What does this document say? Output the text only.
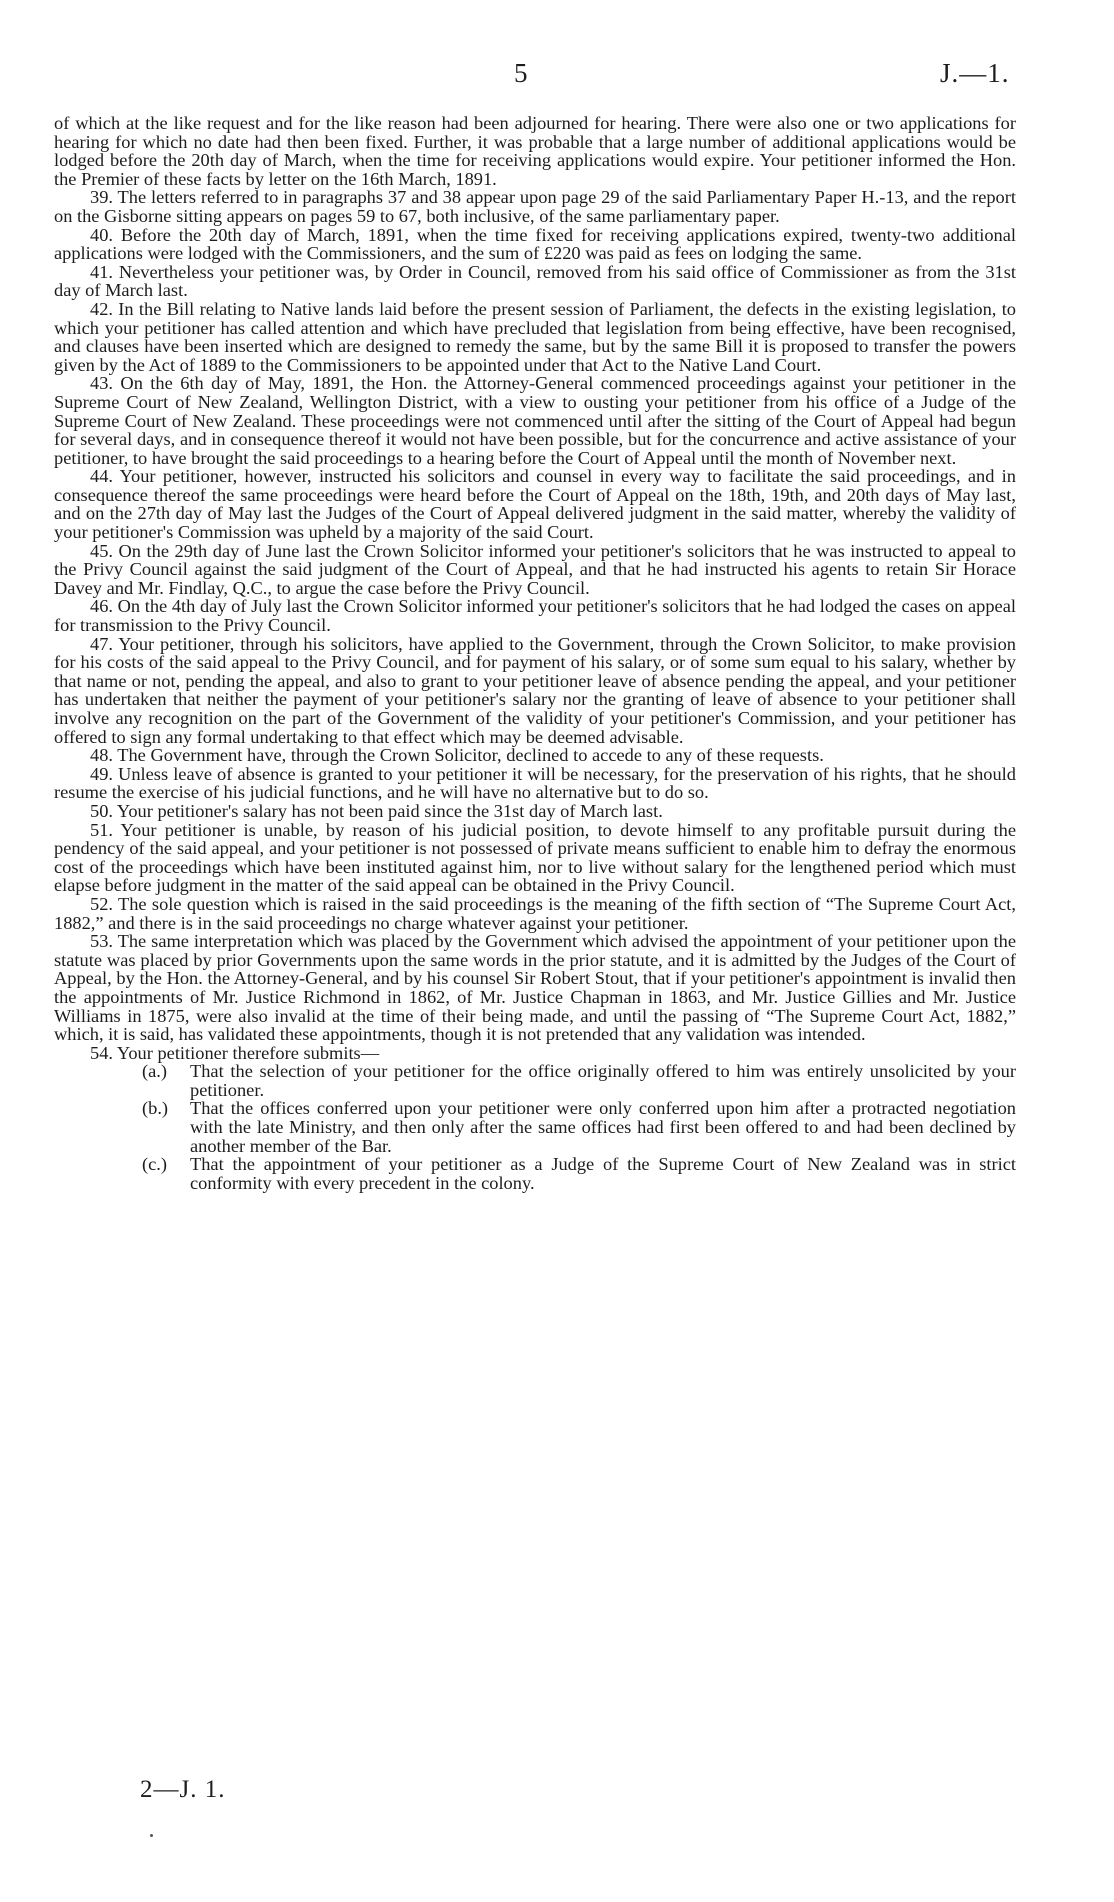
5	J.—1.

of which at the like request and for the like reason had been adjourned for hearing. There were also one or two applications for hearing for which no date had then been fixed. Further, it was probable that a large number of additional applications would be lodged before the 20th day of March, when the time for receiving applications would expire. Your petitioner informed the Hon. the Premier of these facts by letter on the 16th March, 1891.

39. The letters referred to in paragraphs 37 and 38 appear upon page 29 of the said Parliamentary Paper H.-13, and the report on the Gisborne sitting appears on pages 59 to 67, both inclusive, of the same parliamentary paper.

40. Before the 20th day of March, 1891, when the time fixed for receiving applications expired, twenty-two additional applications were lodged with the Commissioners, and the sum of £220 was paid as fees on lodging the same.

41. Nevertheless your petitioner was, by Order in Council, removed from his said office of Commissioner as from the 31st day of March last.

42. In the Bill relating to Native lands laid before the present session of Parliament, the defects in the existing legislation, to which your petitioner has called attention and which have precluded that legislation from being effective, have been recognised, and clauses have been inserted which are designed to remedy the same, but by the same Bill it is proposed to transfer the powers given by the Act of 1889 to the Commissioners to be appointed under that Act to the Native Land Court.

43. On the 6th day of May, 1891, the Hon. the Attorney-General commenced proceedings against your petitioner in the Supreme Court of New Zealand, Wellington District, with a view to ousting your petitioner from his office of a Judge of the Supreme Court of New Zealand. These proceedings were not commenced until after the sitting of the Court of Appeal had begun for several days, and in consequence thereof it would not have been possible, but for the concurrence and active assistance of your petitioner, to have brought the said proceedings to a hearing before the Court of Appeal until the month of November next.

44. Your petitioner, however, instructed his solicitors and counsel in every way to facilitate the said proceedings, and in consequence thereof the same proceedings were heard before the Court of Appeal on the 18th, 19th, and 20th days of May last, and on the 27th day of May last the Judges of the Court of Appeal delivered judgment in the said matter, whereby the validity of your petitioner's Commission was upheld by a majority of the said Court.

45. On the 29th day of June last the Crown Solicitor informed your petitioner's solicitors that he was instructed to appeal to the Privy Council against the said judgment of the Court of Appeal, and that he had instructed his agents to retain Sir Horace Davey and Mr. Findlay, Q.C., to argue the case before the Privy Council.

46. On the 4th day of July last the Crown Solicitor informed your petitioner's solicitors that he had lodged the cases on appeal for transmission to the Privy Council.

47. Your petitioner, through his solicitors, have applied to the Government, through the Crown Solicitor, to make provision for his costs of the said appeal to the Privy Council, and for payment of his salary, or of some sum equal to his salary, whether by that name or not, pending the appeal, and also to grant to your petitioner leave of absence pending the appeal, and your petitioner has undertaken that neither the payment of your petitioner's salary nor the granting of leave of absence to your petitioner shall involve any recognition on the part of the Government of the validity of your petitioner's Commission, and your petitioner has offered to sign any formal undertaking to that effect which may be deemed advisable.

48. The Government have, through the Crown Solicitor, declined to accede to any of these requests.

49. Unless leave of absence is granted to your petitioner it will be necessary, for the preservation of his rights, that he should resume the exercise of his judicial functions, and he will have no alternative but to do so.

50. Your petitioner's salary has not been paid since the 31st day of March last.

51. Your petitioner is unable, by reason of his judicial position, to devote himself to any profitable pursuit during the pendency of the said appeal, and your petitioner is not possessed of private means sufficient to enable him to defray the enormous cost of the proceedings which have been instituted against him, nor to live without salary for the lengthened period which must elapse before judgment in the matter of the said appeal can be obtained in the Privy Council.

52. The sole question which is raised in the said proceedings is the meaning of the fifth section of “The Supreme Court Act, 1882,” and there is in the said proceedings no charge whatever against your petitioner.

53. The same interpretation which was placed by the Government which advised the appointment of your petitioner upon the statute was placed by prior Governments upon the same words in the prior statute, and it is admitted by the Judges of the Court of Appeal, by the Hon. the Attorney-General, and by his counsel Sir Robert Stout, that if your petitioner's appointment is invalid then the appointments of Mr. Justice Richmond in 1862, of Mr. Justice Chapman in 1863, and Mr. Justice Gillies and Mr. Justice Williams in 1875, were also invalid at the time of their being made, and until the passing of “The Supreme Court Act, 1882,” which, it is said, has validated these appointments, though it is not pretended that any validation was intended.

54. Your petitioner therefore submits—

(a.) That the selection of your petitioner for the office originally offered to him was entirely unsolicited by your petitioner.

(b.) That the offices conferred upon your petitioner were only conferred upon him after a protracted negotiation with the late Ministry, and then only after the same offices had first been offered to and had been declined by another member of the Bar.

(c.) That the appointment of your petitioner as a Judge of the Supreme Court of New Zealand was in strict conformity with every precedent in the colony.

2—J. 1.
